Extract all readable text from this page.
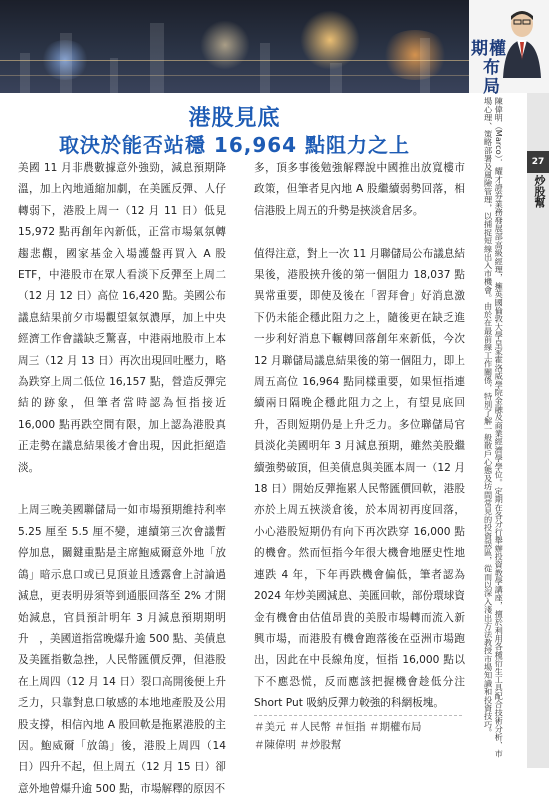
期權
布局
港股見底
取決於能否站穩 16,964 點阻力之上

美國 11 月非農數據意外強勁，減息預期降溫，加上內地通縮加劇，在美匯反彈、人仔轉弱下，港股上周一（12 月 11 日）低見 15,972 點再創年內新低，正當市場氣氛轉趨悲觀，國家基金入場護盤再買入 A 股 ETF，中港股市在眾人看淡下反彈至上周二（12 月 12 日）高位 16,420 點。美國公布議息結果前夕市場觀望氣氛濃厚，加上中央經濟工作會議缺乏驚喜，中港兩地股市上本周三（12 月 13 日）再次出現回吐壓力，略為跌穿上周二低位 16,157 點，營造反彈完結的跡象，但筆者當時認為恒指接近 16,000 點再跌空間有限，加上認為港股真正走勢在議息結果後才會出現，因此拒絕造淡。

上周三晚美國聯儲局一如市場預期維持利率 5.25 厘至 5.5 厘不變，連續第三次會議暫停加息，關鍵重點是主席鮑威爾意外地「放鴿」暗示息口或已見頂並且透露會上討論過減息，更表明毋須等到通脹回落至 2% 才開始減息，官員預計明年 3 月減息預期期明升　，美國道指當晚爆升逾 500 點、美債息及美匯指數急挫，人民幣匯價反彈，但港股在上周四（12 月 14 日）裂口高開後便上升乏力，只靠對息口敏感的本地地產股及公用股支撐，相信內地 A 股回軟是拖累港股的主因。鮑威爾「放鴿」後，港股上周四（14 日）四升不起，但上周五（12 月 15 日）卻意外地曾爆升逾 500 點，市場解釋的原因不

多，頂多事後勉強解釋說中國推出放寬樓市政策，但筆者見內地 A 股繼續弱勢回落，相信港股上周五的升勢是挾淡倉居多。

值得注意，對上一次 11 月聯儲局公布議息結果後，港股挾升後的第一個阻力 18,037 點異常重要，即使及後在「習拜會」好消息激下仍未能企穩此阻力之上，隨後更在缺乏進一步利好消息下輾轉回落創年來新低，今次 12 月聯儲局議息結果後的第一個阻力，即上周五高位 16,964 點同樣重要，如果恒指連續兩日隔晚企穩此阻力之上，有望見底回升，否則短期仍是上升乏力。多位聯儲局官員淡化美國明年 3 月減息預期，雖然美股繼續強勢破頂，但美債息與美匯本周一（12 月 18 日）開始反彈拖累人民幣匯價回軟，港股亦於上周五挾淡倉後，於本周初再度回落，小心港股短期仍有向下再次跌穿 16,000 點的機會。然而恒指今年很大機會地歷史性地連跌 4 年，下年再跌機會偏低，筆者認為 2024 年炒美國減息、美匯回軟，部份環球資金有機會由估值昂貴的美股市場轉而流入新興市場，而港股有機會跑落後在亞洲市場跑出，因此在中長線角度，恒指 16,000 點以下不應恐慌，反而應該把握機會趁低分注 Short Put 吸納反彈力較強的科網板塊。

＃美元 ＃人民幣 ＃恒指 ＃期權布局
＃陳偉明 ＃炒股幫
27
炒股幫
陳偉明（Marco）．耀才證券業務發展部高級經理，擁英國倫敦大學皇家霍洛威學院金融及商業經濟學學位。定期在各分行舉辦投資教學講座，擅於利用各種衍生工具配合技術分析、市場心理、策略部署及風險管理，以捕捉短線出入市機會。由於在最前線工作關係，特別了解一般散戶心態及坊間常見的投資誤區，從而以深入淺出方法教授市場知識和投資技巧。
